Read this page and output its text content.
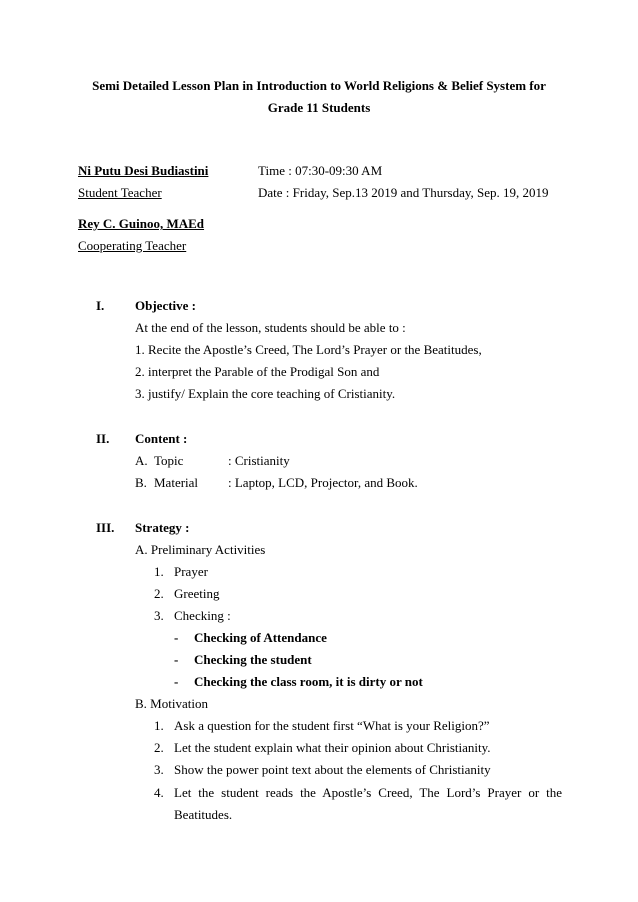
Semi Detailed Lesson Plan in Introduction to World Religions & Belief System for
Grade 11 Students
Ni Putu Desi Budiastini
Student Teacher
Time : 07:30-09:30 AM
Date : Friday, Sep.13 2019 and Thursday, Sep. 19, 2019
Rey C. Guinoo, MAEd
Cooperating Teacher
I. Objective :
At the end of the lesson, students should be able to :
1. Recite the Apostle’s Creed, The Lord’s Prayer or the Beatitudes,
2. interpret the Parable of the Prodigal Son and
3. justify/ Explain the core teaching of Cristianity.
II. Content :
A. Topic	: Cristianity
B. Material : Laptop, LCD, Projector, and Book.
III. Strategy :
A. Preliminary Activities
1. Prayer
2. Greeting
3. Checking :
- Checking of Attendance
- Checking the student
- Checking the class room, it is dirty or not
B. Motivation
1. Ask a question for the student first “What is your Religion?”
2. Let the student explain what their opinion about Christianity.
3. Show the power point text about the elements of Christianity
4. Let the student reads the Apostle’s Creed, The Lord’s Prayer or the
Beatitudes.
